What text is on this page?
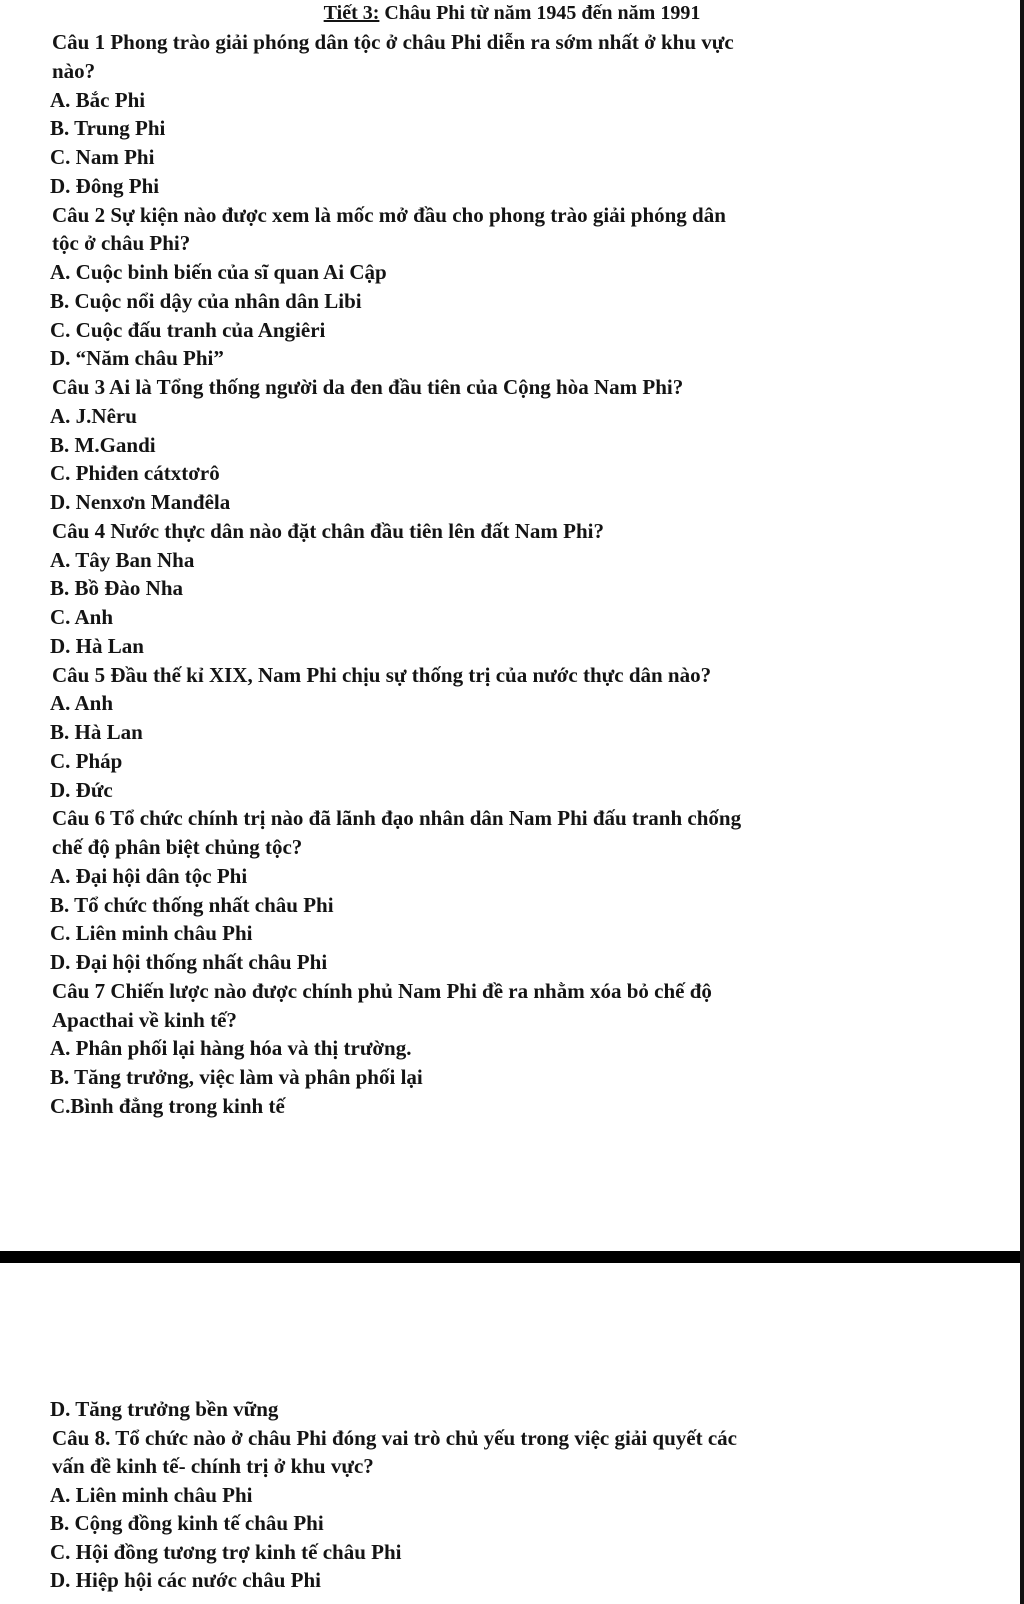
Tiết 3: Châu Phi từ năm 1945 đến năm 1991
Câu 1 Phong trào giải phóng dân tộc ở châu Phi diễn ra sớm nhất ở khu vực
nào?
A. Bắc Phi
B. Trung Phi
C. Nam Phi
D. Đông Phi
Câu 2 Sự kiện nào được xem là mốc mở đầu cho phong trào giải phóng dân
tộc ở châu Phi?
A. Cuộc binh biến của sĩ quan Ai Cập
B. Cuộc nổi dậy của nhân dân Libi
C. Cuộc đấu tranh của Angiêri
D. “Năm châu Phi”
Câu 3 Ai là Tổng thống người da đen đầu tiên của Cộng hòa Nam Phi?
A. J.Nêru
B. M.Gandi
C. Phiđen cátxtơrô
D. Nenxơn Manđêla
Câu 4 Nước thực dân nào đặt chân đầu tiên lên đất Nam Phi?
A. Tây Ban Nha
B. Bồ Đào Nha
C. Anh
D. Hà Lan
Câu 5 Đầu thế kỉ XIX, Nam Phi chịu sự thống trị của nước thực dân nào?
A. Anh
B. Hà Lan
C. Pháp
D. Đức
Câu 6 Tổ chức chính trị nào đã lãnh đạo nhân dân Nam Phi đấu tranh chống
chế độ phân biệt chủng tộc?
A. Đại hội dân tộc Phi
B. Tổ chức thống nhất châu Phi
C. Liên minh châu Phi
D. Đại hội thống nhất châu Phi
Câu 7 Chiến lược nào được chính phủ Nam Phi đề ra nhằm xóa bỏ chế độ
Apacthai về kinh tế?
A. Phân phối lại hàng hóa và thị trường.
B. Tăng trưởng, việc làm và phân phối lại
C.Bình đẳng trong kinh tế
D. Tăng trưởng bền vững
Câu 8. Tổ chức nào ở châu Phi đóng vai trò chủ yếu trong việc giải quyết các
vấn đề kinh tế- chính trị ở khu vực?
A. Liên minh châu Phi
B. Cộng đồng kinh tế châu Phi
C. Hội đồng tương trợ kinh tế châu Phi
D. Hiệp hội các nước châu Phi
